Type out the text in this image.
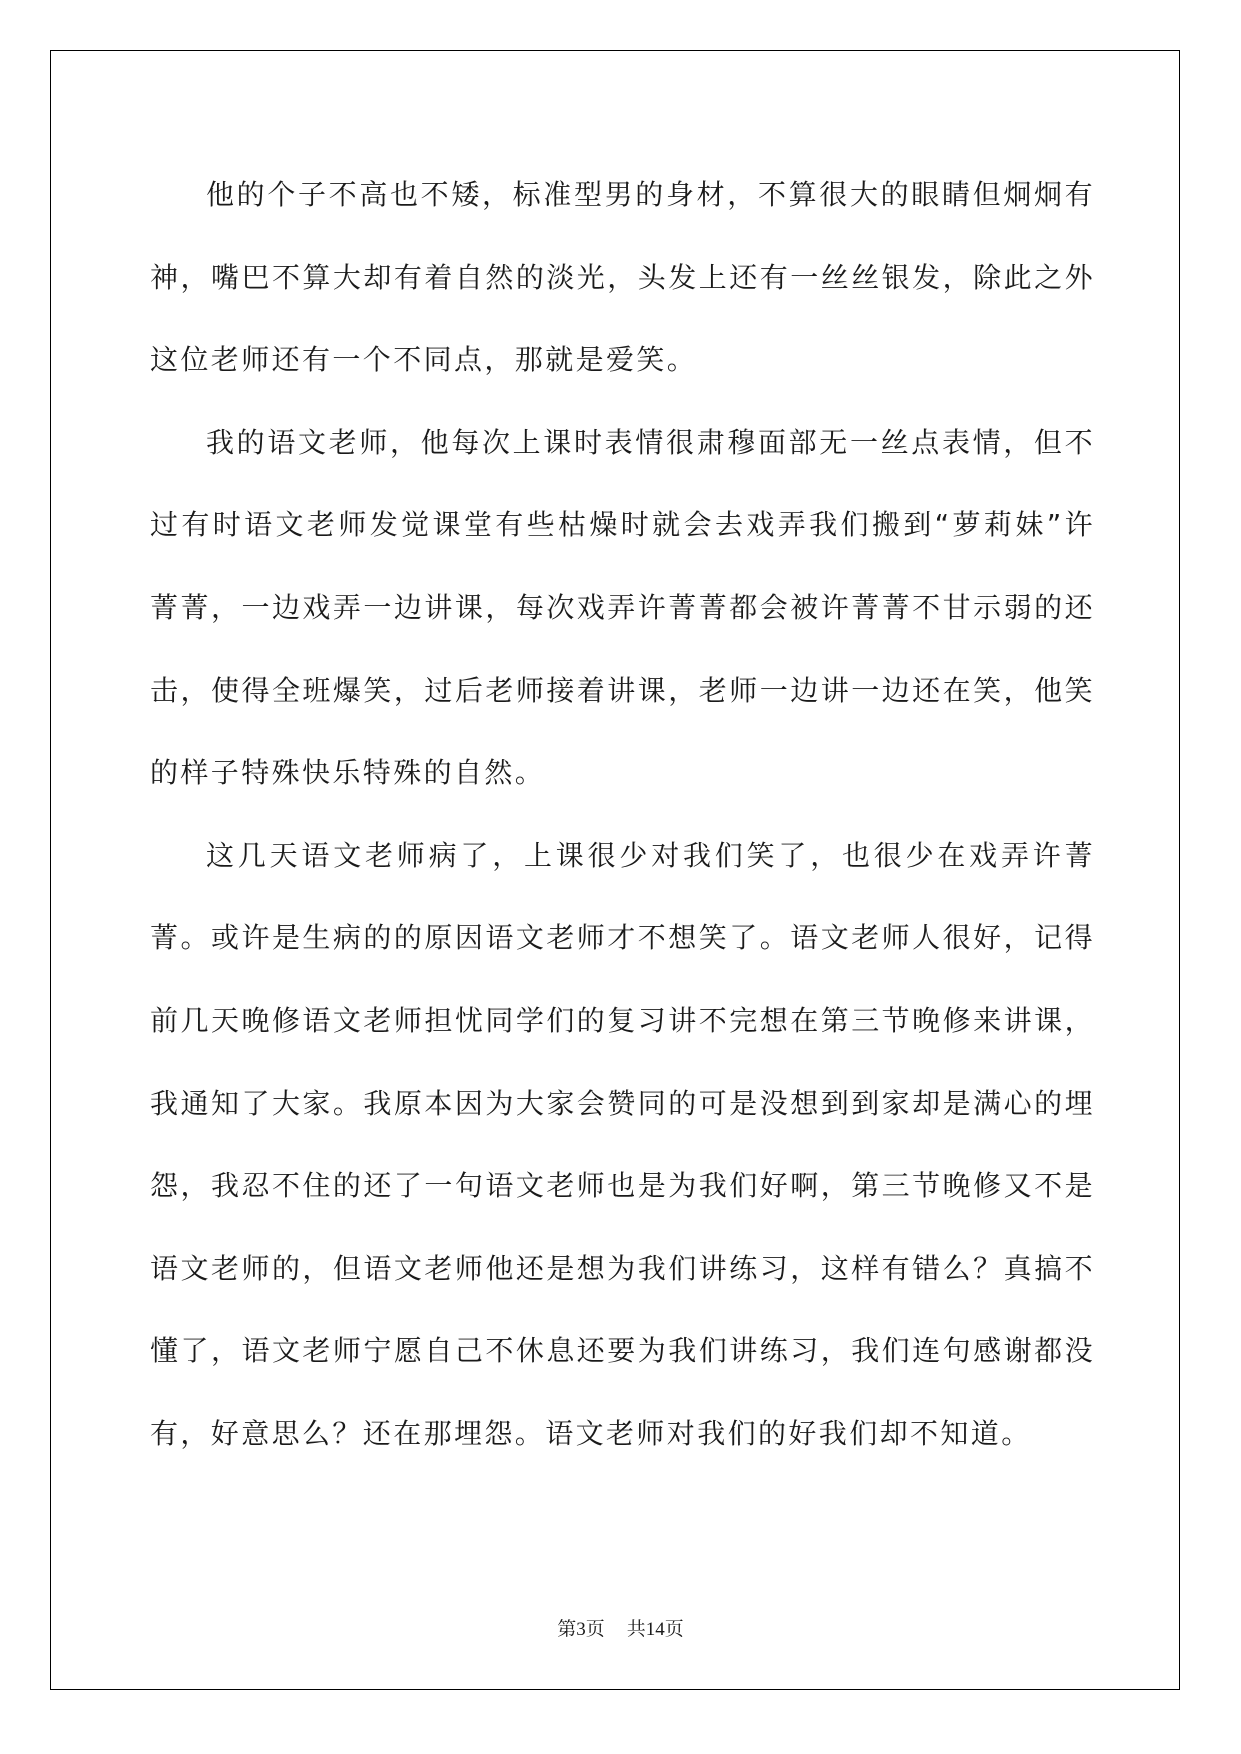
他的个子不高也不矮，标准型男的身材，不算很大的眼睛但炯炯有神，嘴巴不算大却有着自然的淡光，头发上还有一丝丝银发，除此之外这位老师还有一个不同点，那就是爱笑。

我的语文老师，他每次上课时表情很肃穆面部无一丝点表情，但不过有时语文老师发觉课堂有些枯燥时就会去戏弄我们搬到“萝莉妹”许菁菁，一边戏弄一边讲课，每次戏弄许菁菁都会被许菁菁不甘示弱的还击，使得全班爆笑，过后老师接着讲课，老师一边讲一边还在笑，他笑的样子特殊快乐特殊的自然。

这几天语文老师病了，上课很少对我们笑了，也很少在戏弄许菁菁。或许是生病的的原因语文老师才不想笑了。语文老师人很好，记得前几天晚修语文老师担忧同学们的复习讲不完想在第三节晚修来讲课，我通知了大家。我原本因为大家会赞同的可是没想到到家却是满心的埋怨，我忍不住的还了一句语文老师也是为我们好啊，第三节晚修又不是语文老师的，但语文老师他还是想为我们讲练习，这样有错么？真搞不懂了，语文老师宁愿自己不休息还要为我们讲练习，我们连句感谢都没有，好意思么？还在那埋怨。语文老师对我们的好我们却不知道。

第3页 共14页
